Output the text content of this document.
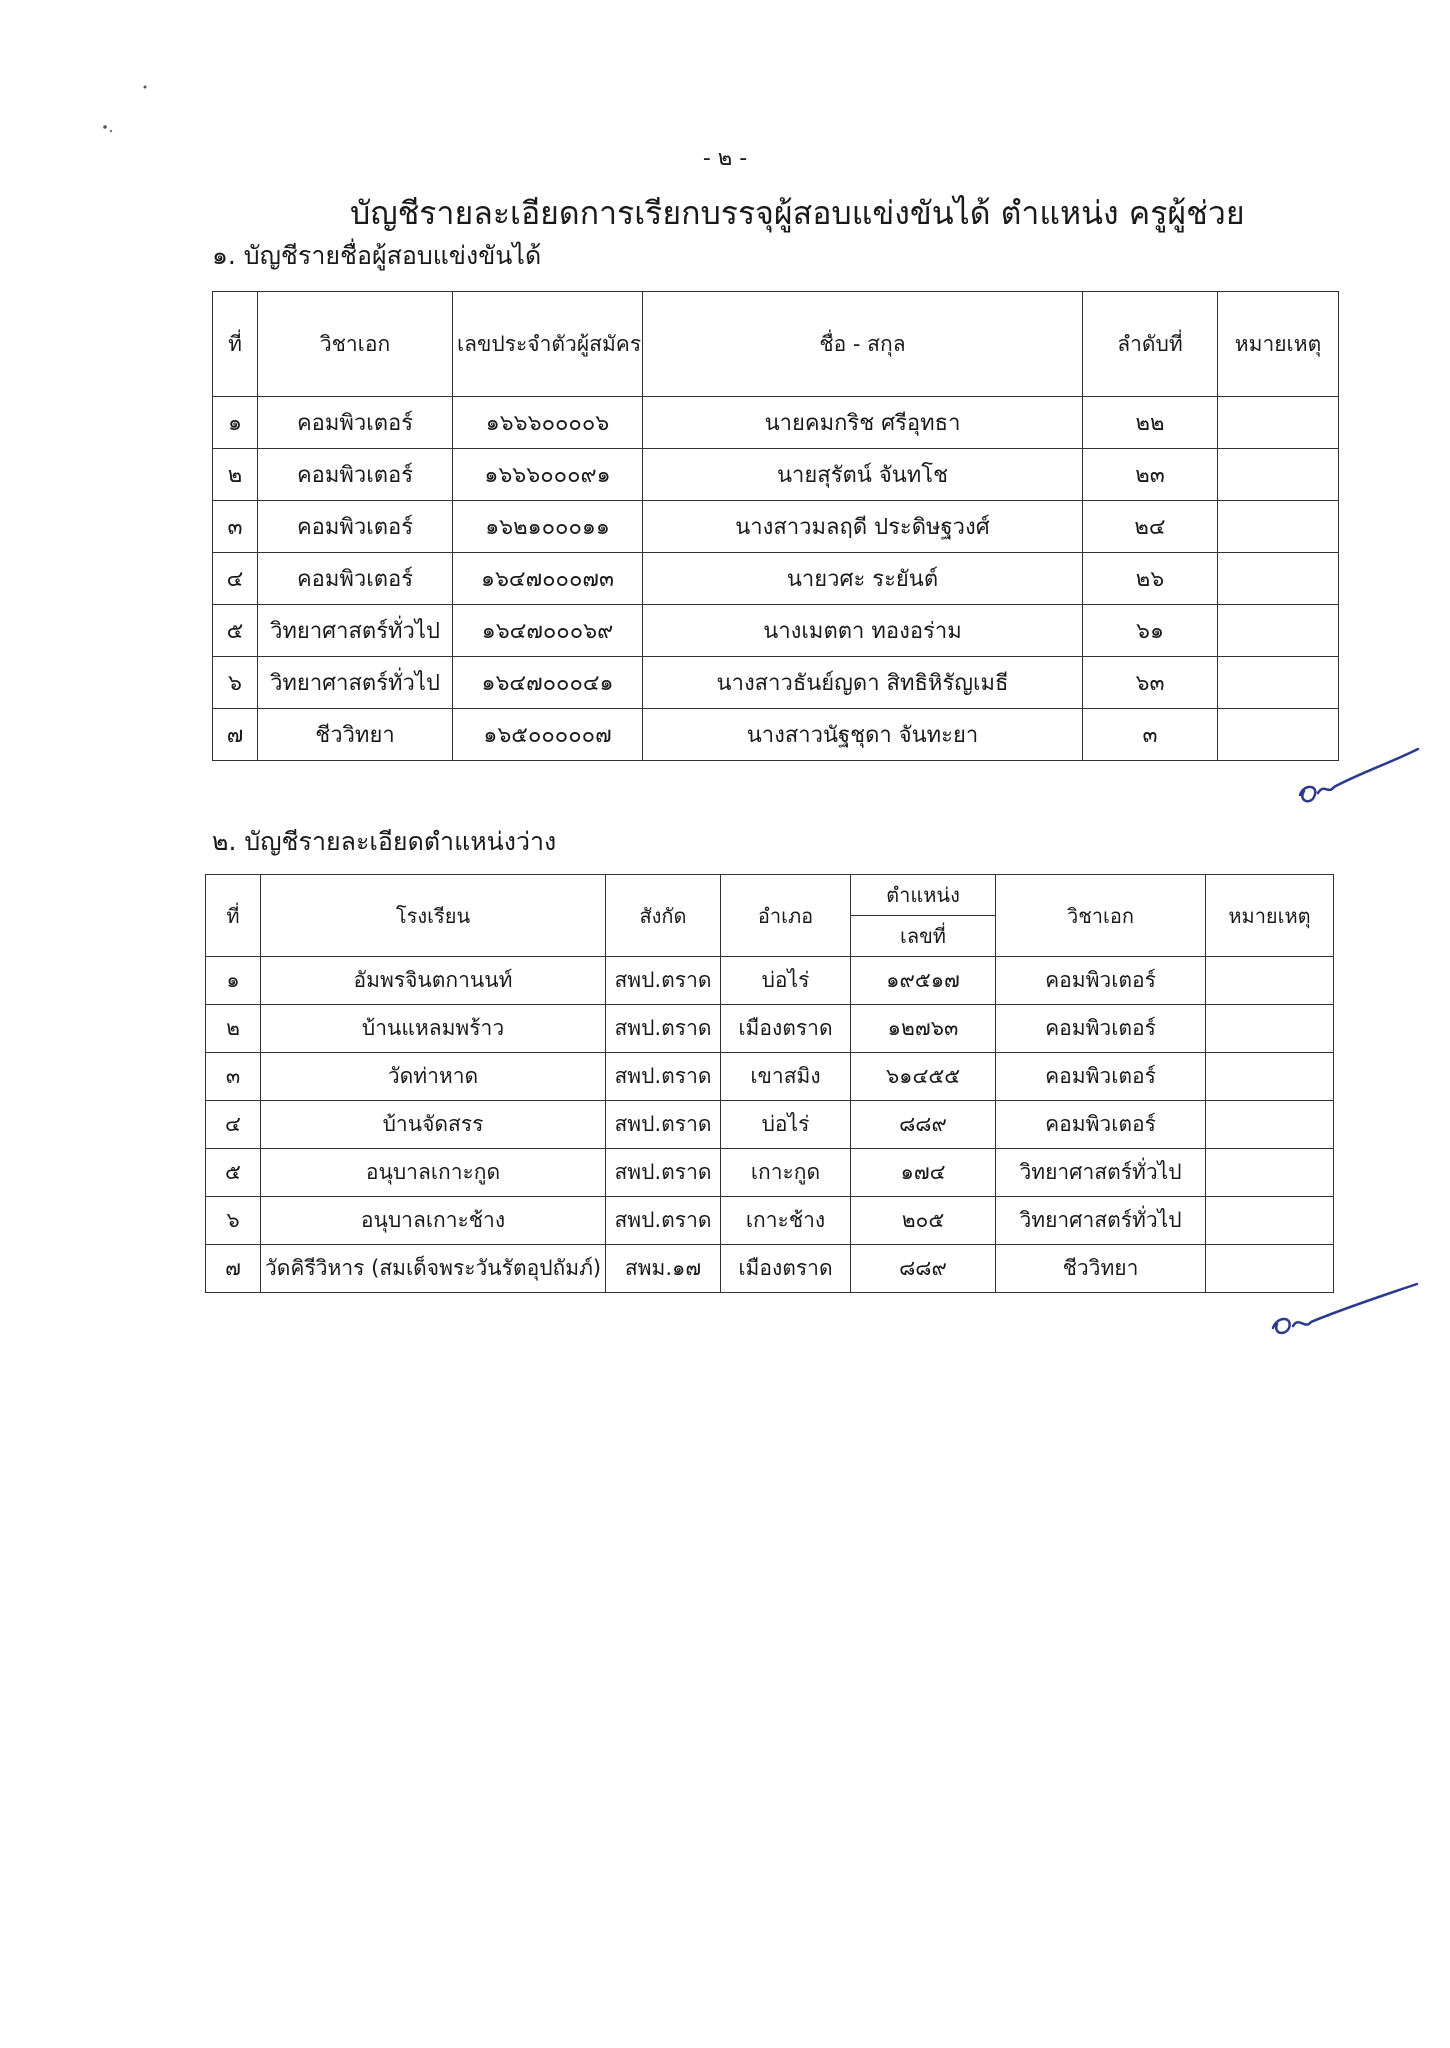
- ๒ -
บัญชีรายละเอียดการเรียกบรรจุผู้สอบแข่งขันได้ ตำแหน่ง ครูผู้ช่วย
๑. บัญชีรายชื่อผู้สอบแข่งขันได้
ที่	วิชาเอก	เลขประจำตัวผู้สมัคร	ชื่อ - สกุล	ลำดับที่	หมายเหตุ
๑	คอมพิวเตอร์	๑๖๖๖๐๐๐๐๖	นายคมกริช ศรีอุทธา	๒๒	
๒	คอมพิวเตอร์	๑๖๖๖๐๐๐๙๑	นายสุรัตน์ จันทโช	๒๓	
๓	คอมพิวเตอร์	๑๖๒๑๐๐๐๑๑	นางสาวมลฤดี ประดิษฐวงศ์	๒๔	
๔	คอมพิวเตอร์	๑๖๔๗๐๐๐๗๓	นายวศะ ระยันต์	๒๖	
๕	วิทยาศาสตร์ทั่วไป	๑๖๔๗๐๐๐๖๙	นางเมตตา ทองอร่าม	๖๑	
๖	วิทยาศาสตร์ทั่วไป	๑๖๔๗๐๐๐๔๑	นางสาวธันย์ญดา สิทธิหิรัญเมธี	๖๓	
๗	ชีววิทยา	๑๖๕๐๐๐๐๐๗	นางสาวนัฐชุดา จันทะยา	๓	
๒. บัญชีรายละเอียดตำแหน่งว่าง
ที่	โรงเรียน	สังกัด	อำเภอ	ตำแหน่ง	วิชาเอก	หมายเหตุ
				เลขที่		
๑	อัมพรจินตกานนท์	สพป.ตราด	บ่อไร่	๑๙๕๑๗	คอมพิวเตอร์	
๒	บ้านแหลมพร้าว	สพป.ตราด	เมืองตราด	๑๒๗๖๓	คอมพิวเตอร์	
๓	วัดท่าหาด	สพป.ตราด	เขาสมิง	๖๑๔๕๕	คอมพิวเตอร์	
๔	บ้านจัดสรร	สพป.ตราด	บ่อไร่	๘๘๙	คอมพิวเตอร์	
๕	อนุบาลเกาะกูด	สพป.ตราด	เกาะกูด	๑๗๔	วิทยาศาสตร์ทั่วไป	
๖	อนุบาลเกาะช้าง	สพป.ตราด	เกาะช้าง	๒๐๕	วิทยาศาสตร์ทั่วไป	
๗	วัดคิรีวิหาร (สมเด็จพระวันรัตอุปถัมภ์)	สพม.๑๗	เมืองตราด	๘๘๙	ชีววิทยา	
